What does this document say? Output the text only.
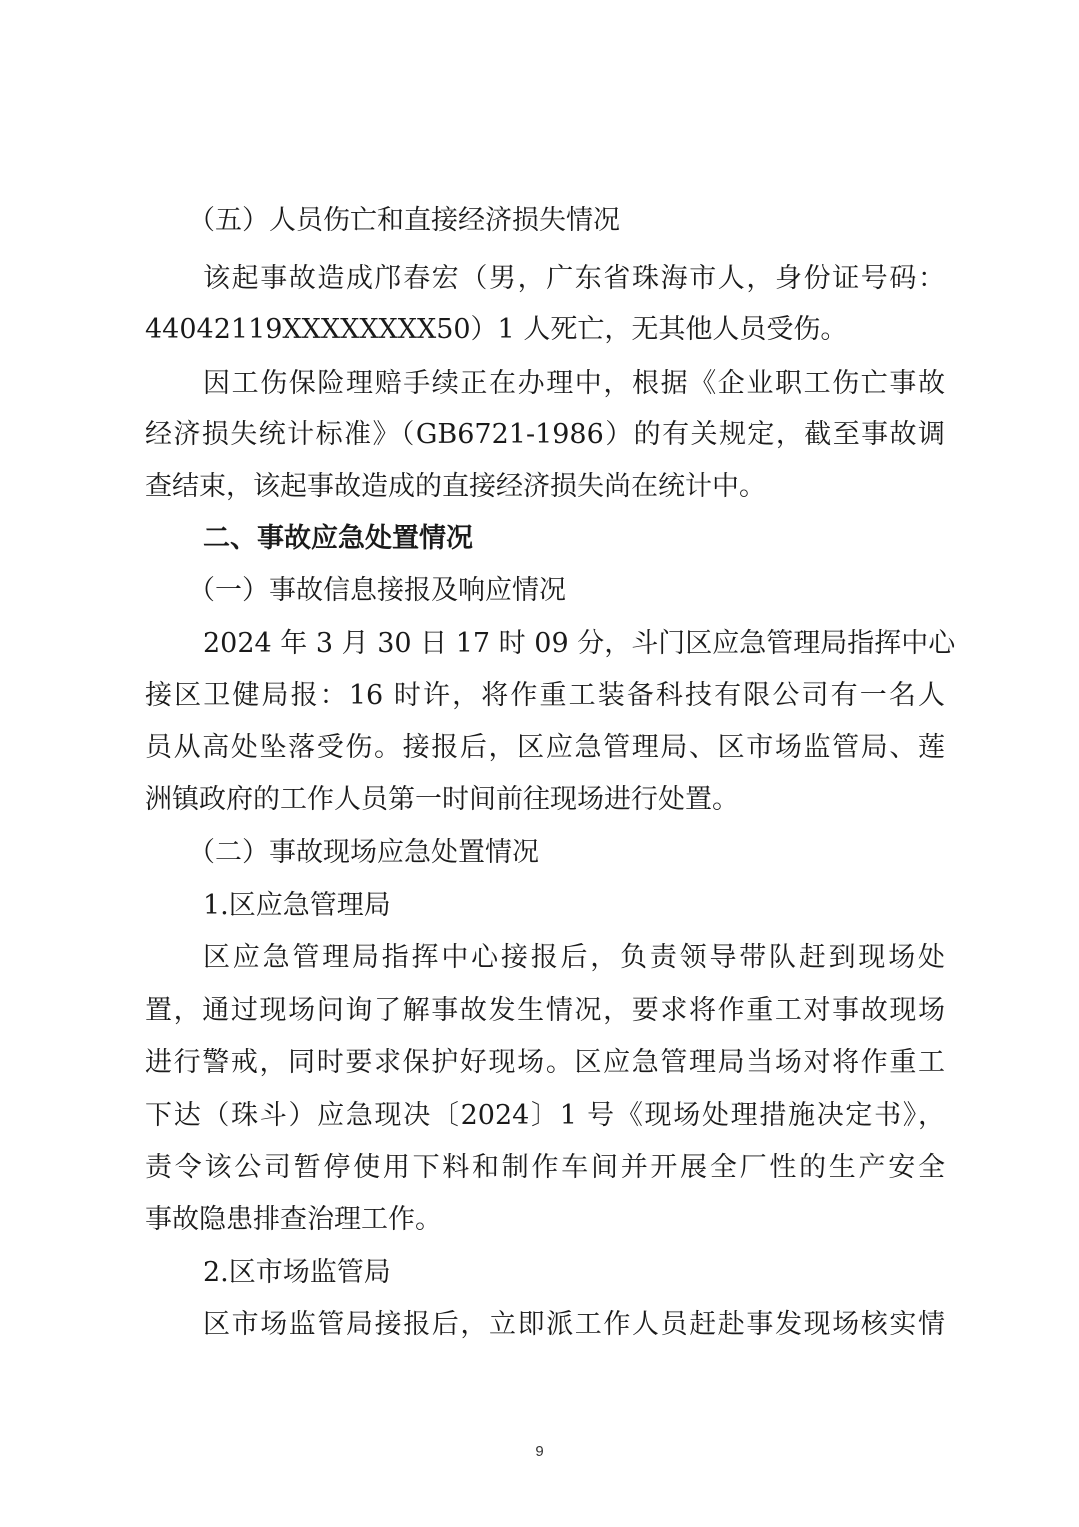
（五）人员伤亡和直接经济损失情况
该起事故造成邝春宏（男，广东省珠海市人，身份证号码：
44042119XXXXXXXX50）1 人死亡，无其他人员受伤。
因工伤保险理赔手续正在办理中，根据《企业职工伤亡事故
经济损失统计标准》（GB6721-1986）的有关规定，截至事故调
查结束，该起事故造成的直接经济损失尚在统计中。
二、事故应急处置情况
（一）事故信息接报及响应情况
2024 年 3 月 30 日 17 时 09 分，斗门区应急管理局指挥中心
接区卫健局报：16 时许，将作重工装备科技有限公司有一名人
员从高处坠落受伤。接报后，区应急管理局、区市场监管局、莲
洲镇政府的工作人员第一时间前往现场进行处置。
（二）事故现场应急处置情况
1.区应急管理局
区应急管理局指挥中心接报后，负责领导带队赶到现场处
置，通过现场问询了解事故发生情况，要求将作重工对事故现场
进行警戒，同时要求保护好现场。区应急管理局当场对将作重工
下达（珠斗）应急现决〔2024〕1 号《现场处理措施决定书》，
责令该公司暂停使用下料和制作车间并开展全厂性的生产安全
事故隐患排查治理工作。
2.区市场监管局
区市场监管局接报后，立即派工作人员赶赴事发现场核实情
9
